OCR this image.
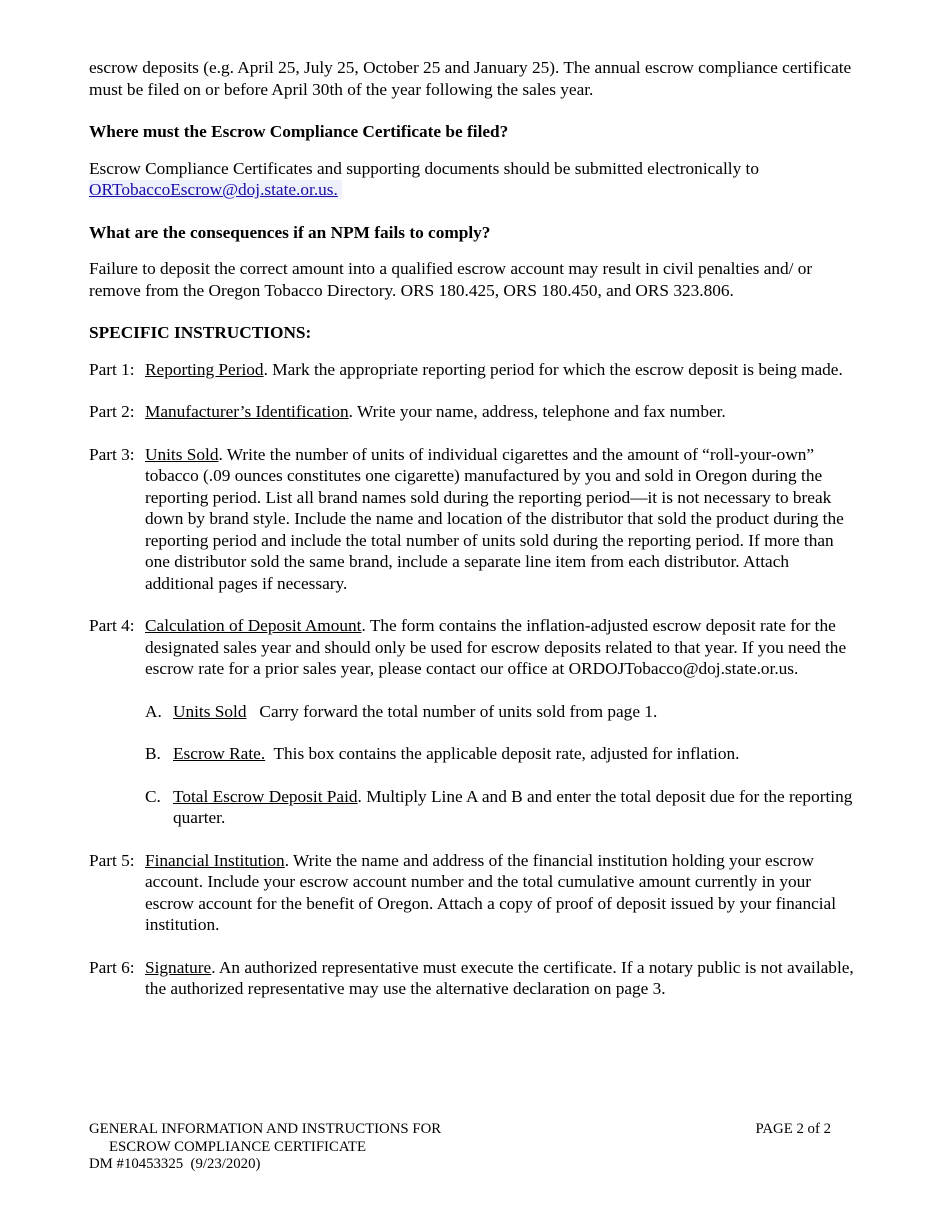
escrow deposits (e.g. April 25, July 25, October 25 and January 25). The annual escrow compliance certificate must be filed on or before April 30th of the year following the sales year.

Where must the Escrow Compliance Certificate be filed?

Escrow Compliance Certificates and supporting documents should be submitted electronically to
ORTobaccoEscrow@doj.state.or.us.

What are the consequences if an NPM fails to comply?

Failure to deposit the correct amount into a qualified escrow account may result in civil penalties and/ or remove from the Oregon Tobacco Directory. ORS 180.425, ORS 180.450, and ORS 323.806.

SPECIFIC INSTRUCTIONS:
Part 1: Reporting Period. Mark the appropriate reporting period for which the escrow deposit is being made.
Part 2: Manufacturer’s Identification. Write your name, address, telephone and fax number.
Part 3: Units Sold. Write the number of units of individual cigarettes and the amount of “roll-your-own” tobacco (.09 ounces constitutes one cigarette) manufactured by you and sold in Oregon during the reporting period. List all brand names sold during the reporting period—it is not necessary to break down by brand style. Include the name and location of the distributor that sold the product during the reporting period and include the total number of units sold during the reporting period. If more than one distributor sold the same brand, include a separate line item from each distributor. Attach additional pages if necessary.
Part 4: Calculation of Deposit Amount. The form contains the inflation-adjusted escrow deposit rate for the designated sales year and should only be used for escrow deposits related to that year. If you need the escrow rate for a prior sales year, please contact our office at ORDOJTobacco@doj.state.or.us.
A. Units Sold   Carry forward the total number of units sold from page 1.
B. Escrow Rate.  This box contains the applicable deposit rate, adjusted for inflation.
C. Total Escrow Deposit Paid. Multiply Line A and B and enter the total deposit due for the reporting quarter.
Part 5: Financial Institution. Write the name and address of the financial institution holding your escrow account. Include your escrow account number and the total cumulative amount currently in your escrow account for the benefit of Oregon. Attach a copy of proof of deposit issued by your financial institution.
Part 6: Signature. An authorized representative must execute the certificate. If a notary public is not available, the authorized representative may use the alternative declaration on page 3.
GENERAL INFORMATION AND INSTRUCTIONS FOR
ESCROW COMPLIANCE CERTIFICATE
DM #10453325  (9/23/2020)
PAGE 2 of 2
